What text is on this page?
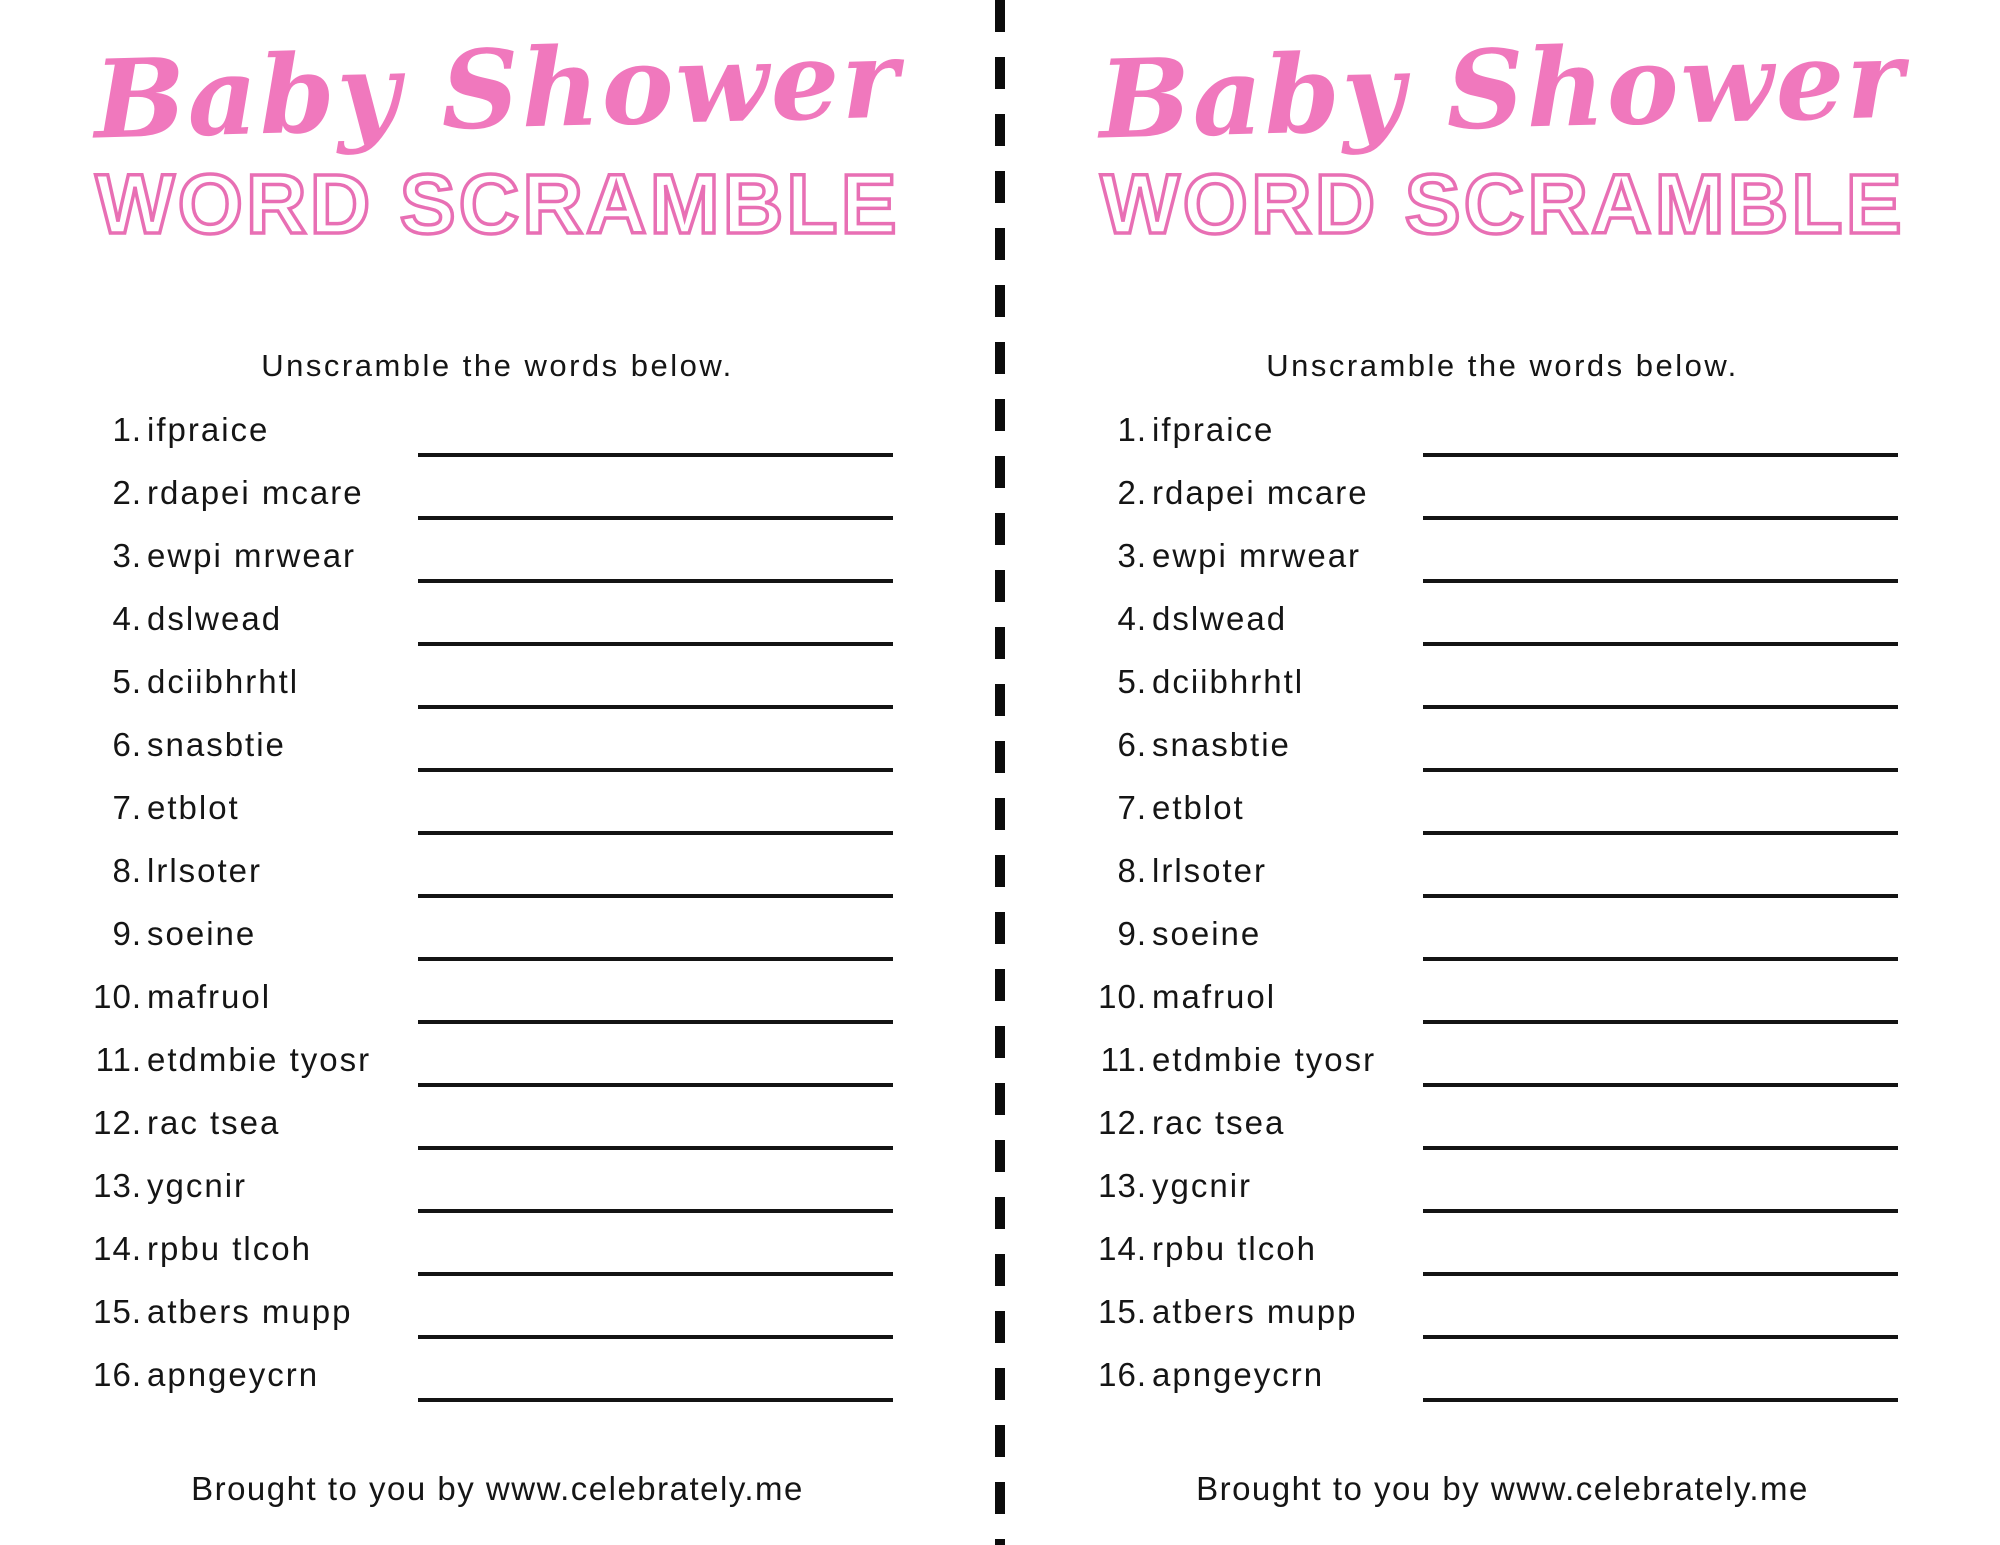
Baby Shower
WORD SCRAMBLE

Unscramble the words below.

1. ifpraice
2. rdapei mcare
3. ewpi mrwear
4. dslwead
5. dciibhrhtl
6. snasbtie
7. etblot
8. lrlsoter
9. soeine
10. mafruol
11. etdmbie tyosr
12. rac tsea
13. ygcnir
14. rpbu tlcoh
15. atbers mupp
16. apngeycrn

Brought to you by www.celebrately.me

Baby Shower
WORD SCRAMBLE

Unscramble the words below.

1. ifpraice
2. rdapei mcare
3. ewpi mrwear
4. dslwead
5. dciibhrhtl
6. snasbtie
7. etblot
8. lrlsoter
9. soeine
10. mafruol
11. etdmbie tyosr
12. rac tsea
13. ygcnir
14. rpbu tlcoh
15. atbers mupp
16. apngeycrn

Brought to you by www.celebrately.me
